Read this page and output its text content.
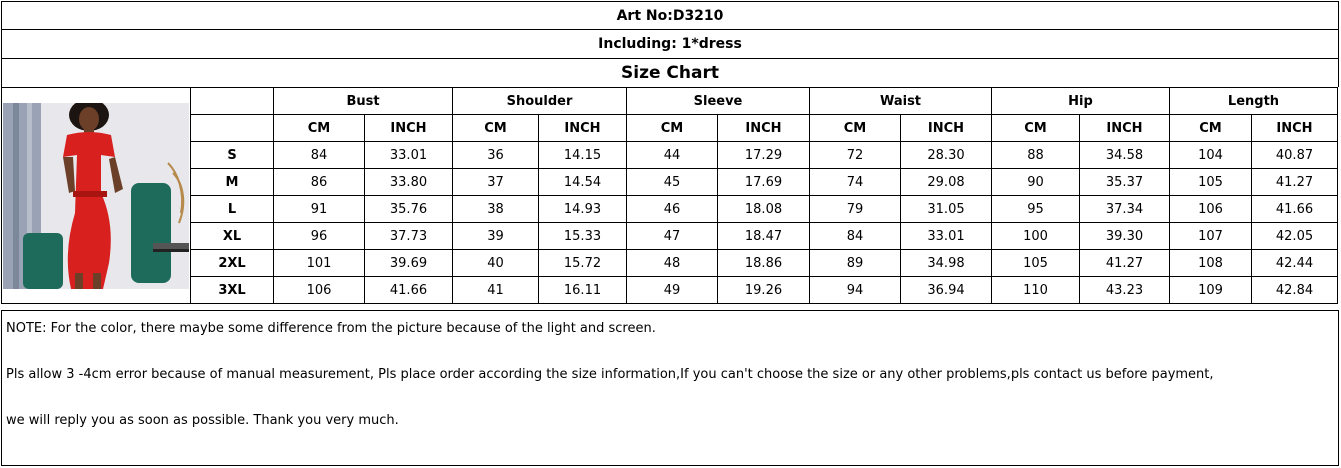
Art No:D3210
Including: 1*dress
Size Chart
		Bust		Shoulder		Sleeve		Waist		Hip		Length	
		CM	INCH	CM	INCH	CM	INCH	CM	INCH	CM	INCH	CM	INCH
	S	84	33.01	36	14.15	44	17.29	72	28.30	88	34.58	104	40.87
	M	86	33.80	37	14.54	45	17.69	74	29.08	90	35.37	105	41.27
	L	91	35.76	38	14.93	46	18.08	79	31.05	95	37.34	106	41.66
	XL	96	37.73	39	15.33	47	18.47	84	33.01	100	39.30	107	42.05
	2XL	101	39.69	40	15.72	48	18.86	89	34.98	105	41.27	108	42.44
	3XL	106	41.66	41	16.11	49	19.26	94	36.94	110	43.23	109	42.84

NOTE: For the color, there maybe some difference from the picture because of the light and screen.

Pls allow 3 -4cm error because of manual measurement, Pls place order according the size information,If you can't choose the size or any other problems,pls contact us before payment,

we will reply you as soon as possible. Thank you very much.
